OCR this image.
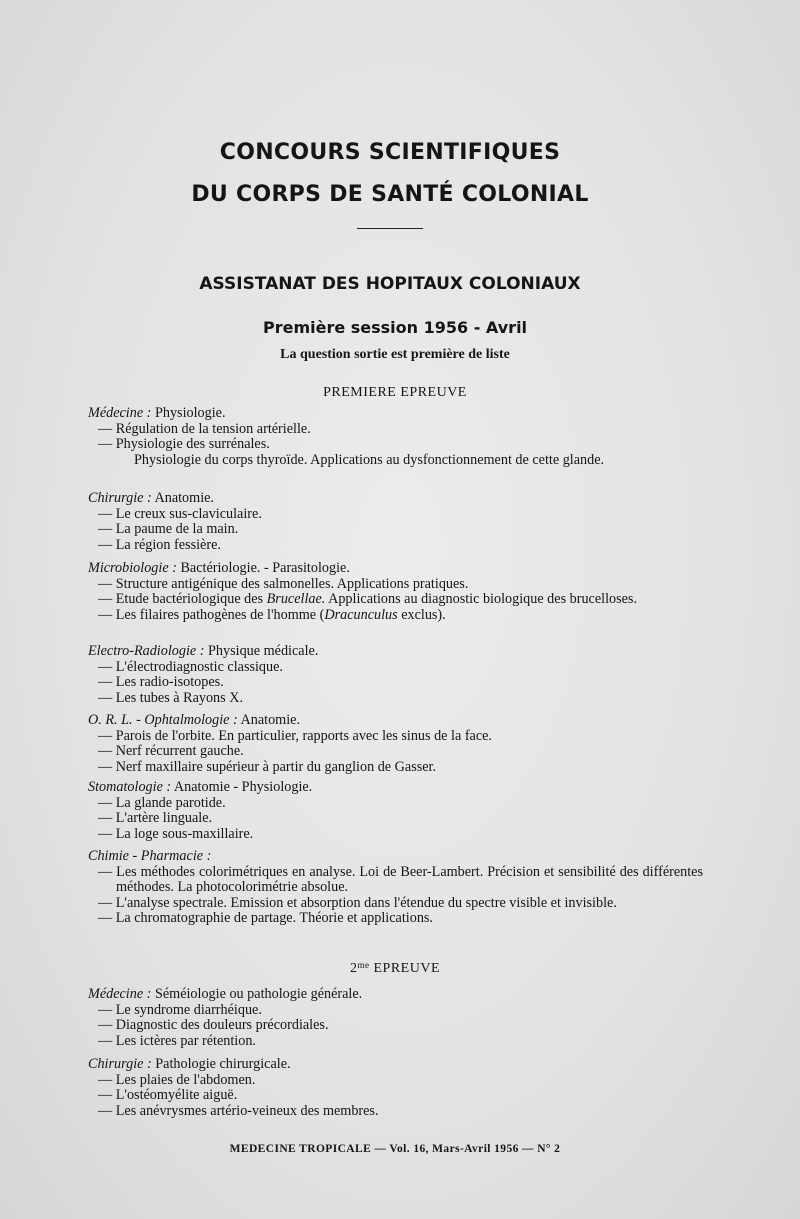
CONCOURS SCIENTIFIQUES
DU CORPS DE SANTÉ COLONIAL
ASSISTANAT DES HOPITAUX COLONIAUX
Première session 1956 - Avril
La question sortie est première de liste
PREMIERE EPREUVE
Médecine : Physiologie.
— Régulation de la tension artérielle.
— Physiologie des surrénales.
Physiologie du corps thyroïde. Applications au dysfonctionnement de cette glande.
Chirurgie : Anatomie.
— Le creux sus-claviculaire.
— La paume de la main.
— La région fessière.
Microbiologie : Bactériologie. - Parasitologie.
— Structure antigénique des salmonelles. Applications pratiques.
— Etude bactériologique des Brucellae. Applications au diagnostic biologique des brucelloses.
— Les filaires pathogènes de l'homme (Dracunculus exclus).
Electro-Radiologie : Physique médicale.
— L'électrodiagnostic classique.
— Les radio-isotopes.
— Les tubes à Rayons X.
O. R. L. - Ophtalmologie : Anatomie.
— Parois de l'orbite. En particulier, rapports avec les sinus de la face.
— Nerf récurrent gauche.
— Nerf maxillaire supérieur à partir du ganglion de Gasser.
Stomatologie : Anatomie - Physiologie.
— La glande parotide.
— L'artère linguale.
— La loge sous-maxillaire.
Chimie - Pharmacie :
— Les méthodes colorimétriques en analyse. Loi de Beer-Lambert. Précision et sensibilité des différentes méthodes. La photocolorimétrie absolue.
— L'analyse spectrale. Emission et absorption dans l'étendue du spectre visible et invisible.
— La chromatographie de partage. Théorie et applications.
$2^{me}$ EPREUVE
Médecine : Séméiologie ou pathologie générale.
— Le syndrome diarrhéique.
— Diagnostic des douleurs précordiales.
— Les ictères par rétention.
Chirurgie : Pathologie chirurgicale.
— Les plaies de l'abdomen.
— L'ostéomyélite aiguë.
— Les anévrysmes artério-veineux des membres.
MEDECINE TROPICALE — Vol. 16, Mars-Avril 1956 — N° 2
